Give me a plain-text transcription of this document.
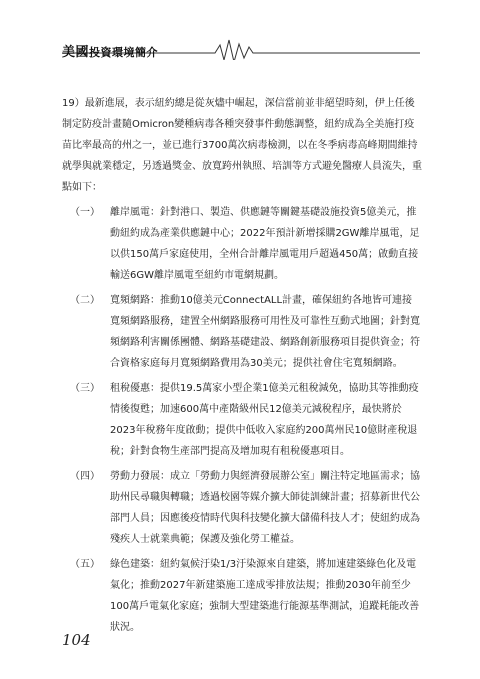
美國投資環境簡介

19）最新進展，表示紐約總是從灰燼中崛起，深信當前並非絕望時刻，伊上任後制定防疫計畫隨Omicron變種病毒各種突發事件動態調整，紐約成為全美施打疫苗比率最高的州之一，並已進行3700萬次病毒檢測，以在冬季病毒高峰期間維持就學與就業穩定，另透過獎金、放寬跨州執照、培訓等方式避免醫療人員流失，重點如下：

（一）	離岸風電：針對港口、製造、供應鏈等關鍵基礎設施投資5億美元，推動紐約成為產業供應鏈中心；2022年預計新增採購2GW離岸風電，足以供150萬戶家庭使用，全州合計離岸風電用戶超過450萬；啟動直接輸送6GW離岸風電至紐約市電網規劃。
（二）	寬頻網路：推動10億美元ConnectALL計畫，確保紐約各地皆可連接寬頻網路服務，建置全州網路服務可用性及可靠性互動式地圖；針對寬頻網路利害關係團體、網路基礎建設、網路創新服務項目提供資金；符合資格家庭每月寬頻網路費用為30美元；提供社會住宅寬頻網路。
（三）	租稅優惠：提供19.5萬家小型企業1億美元租稅減免，協助其等推動疫情後復甦；加速600萬中產階級州民12億美元減稅程序，最快將於2023年稅務年度啟動；提供中低收入家庭約200萬州民10億財產稅退稅；針對食物生產部門提高及增加現有租稅優惠項目。
（四）	勞動力發展：成立「勞動力與經濟發展辦公室」關注特定地區需求；協助州民尋職與轉職；透過校園等媒介擴大師徒訓練計畫；招募新世代公部門人員；因應後疫情時代與科技變化擴大儲備科技人才；使紐約成為殘疾人士就業典範；保護及強化勞工權益。
（五）	綠色建築：紐約氣候汙染1/3汙染源來自建築，將加速建築綠色化及電氣化；推動2027年新建築施工達成零排放法規；推動2030年前至少100萬戶電氣化家庭；強制大型建築進行能源基準測試，追蹤耗能改善狀況。
104
